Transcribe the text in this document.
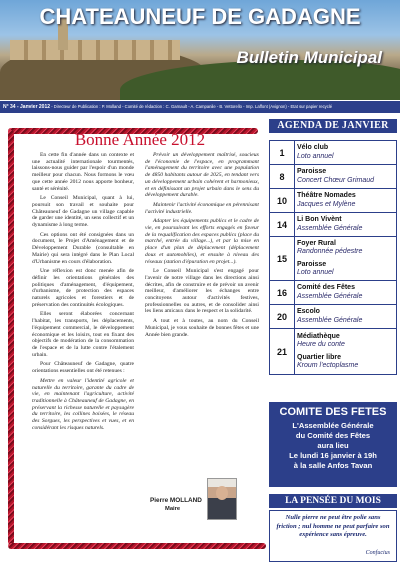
CHATEAUNEUF DE GADAGNE
Bulletin Municipal
N° 34 - Janvier 2012 - Directeur de Publication : P. Molland - Comité de rédaction : C. Garnault - A. Campanile - B. Vettorello - Imp. Laffont (Avignon) - Etat sur papier recyclé
Bonne Année 2012

En cette fin d'année dans un contexte et une actualité internationale tourmentés, laissons-nous guider par l'espoir d'un monde meilleur pour chacun. Nous formons le vœu que cette année 2012 nous apporte bonheur, santé et sérénité.

Le Conseil Municipal, quant à lui, poursuit son travail et souhaite pour Châteauneuf de Gadagne un village capable de garder une identité, un sens collectif et un dynamisme à long terme.

Ces options ont été consignées dans un document, le Projet d'Aménagement et de Développement Durable (consultable en Mairie) qui sera intégré dans le Plan Local d'Urbanisme en cours d'élaboration.

Une réflexion est donc menée afin de définir les orientations générales des politiques d'aménagement, d'équipement, d'urbanisme, de protection des espaces naturels agricoles et forestiers et de préservation des continuités écologiques.

Elles seront élaborées concernant l'habitat, les transports, les déplacements, l'équipement commercial, le développement économique et les loisirs, tout en fixant des objectifs de modération de la consommation de l'espace et de la lutte contre l'étalement urbain.

Pour Châteauneuf de Gadagne, quatre orientations essentielles ont été retenues :

Mettre en valeur l'identité agricole et naturelle du territoire, garante du cadre de vie, en maintenant l'agriculture, activité traditionnelle à Châteauneuf de Gadagne, en préservant la richesse naturelle et paysagère du territoire, les collines boisées, le réseau des Sorgues, les perspectives et vues, et en considérant les risques naturels.

Prévoir un développement maîtrisé, soucieux de l'économie de l'espace, en programmant l'aménagement du territoire avec une population de 4850 habitants autour de 2025, en tendant vers un développement urbain cohérent et harmonieux, et en définissant un projet urbain dans le sens du développement durable.

Maintenir l'activité économique en pérennisant l'activité industrielle.

Adapter les équipements publics et le cadre de vie, en poursuivant les efforts engagés en faveur de la requalification des espaces publics (place du marché, entrée du village...), et par la mise en place d'un plan de déplacement (déplacement doux et automobiles), et ensuite à niveau des réseaux (station d'épuration en projet...).

Le Conseil Municipal s'est engagé pour l'avenir de notre village dans les directions ainsi décrites, afin de construire et de prévoir un avenir meilleur, d'améliorer les échanges entre concitoyens autour d'activités festives, professionnelles ou autres, et de consolider ainsi les liens amicaux dans le respect et la solidarité.

A tout et à toutes, au nom du Conseil Municipal, je vous souhaite de bonnes fêtes et une Année bien grande.

Pierre MOLLAND
Maire
AGENDA DE JANVIER
1	Vélo club
Loto annuel

8	Paroisse
Concert Chœur Grimaud

10	Théâtre Nomades
Jacques et Mylène

14	Li Bon Vivènt
Assemblée Générale

15	Foyer Rural
Randonnée pédestre
Paroisse
Loto annuel

16	Comité des Fêtes
Assemblée Générale

20	Escolo
Assemblée Générale

21	Médiathèque
Heure du conte
Quartier libre
Kroum l'ectoplasme
COMITE DES FETES
L'Assemblée Générale
du Comité des Fêtes
aura lieu
Le lundi 16 janvier à 19h
à la salle Anfos Tavan
LA PENSÉE DU MOIS
Nulle pierre ne peut être polie sans friction ; nul homme ne peut parfaire son expérience sans épreuve.
Confucius
